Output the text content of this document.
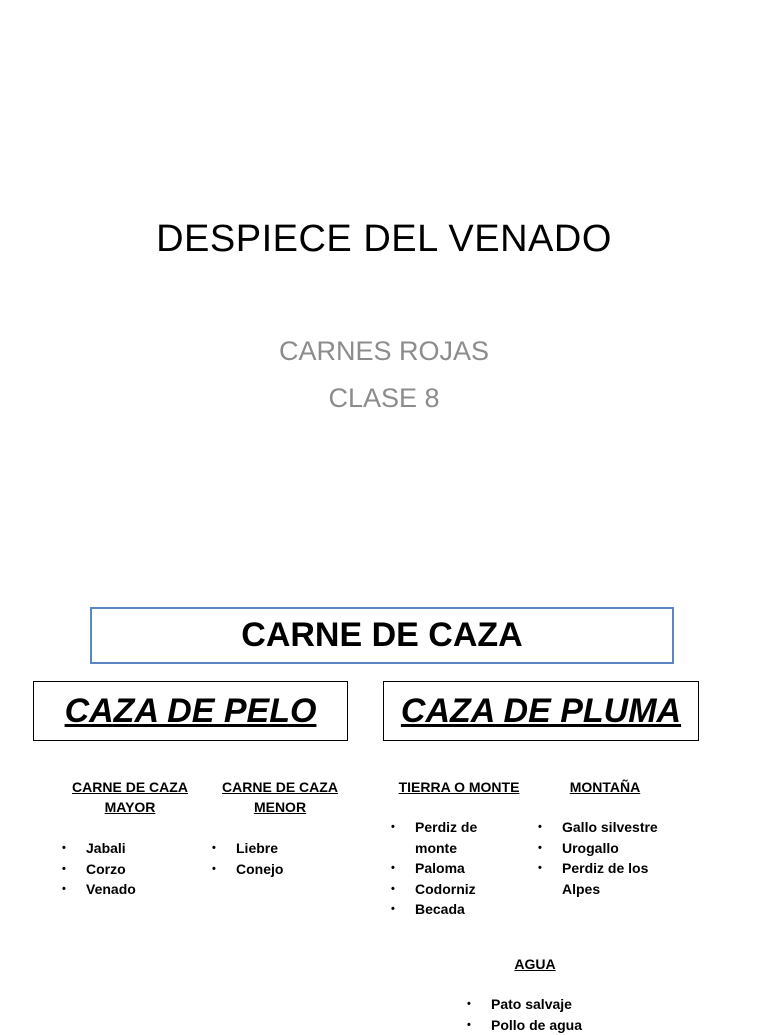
DESPIECE DEL VENADO
CARNES ROJAS
CLASE 8
CARNE DE CAZA
CAZA DE PELO	CAZA DE PLUMA
CARNE DE CAZA
MAYOR
• Jabali
• Corzo
• Venado
CARNE DE CAZA
MENOR
• Liebre
• Conejo
TIERRA O MONTE
• Perdiz de monte
• Paloma
• Codorniz
• Becada
MONTAÑA
• Gallo silvestre
• Urogallo
• Perdiz de los Alpes
AGUA
• Pato salvaje
• Pollo de agua
